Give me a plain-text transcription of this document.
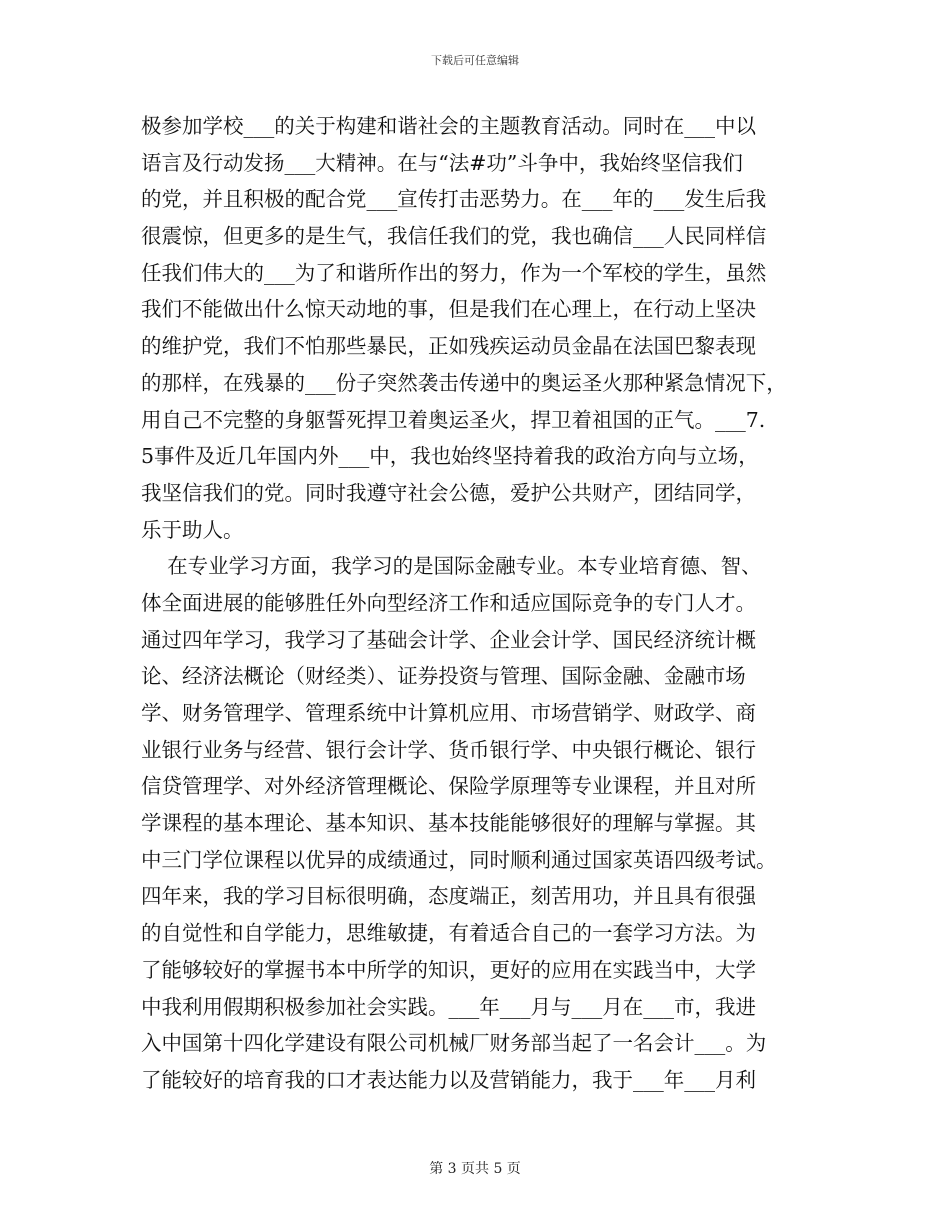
下载后可任意编辑
极参加学校___的关于构建和谐社会的主题教育活动。同时在___中以
语言及行动发扬___大精神。在与“法#功”斗争中，我始终坚信我们
的党，并且积极的配合党___宣传打击恶势力。在___年的___发生后我
很震惊，但更多的是生气，我信任我们的党，我也确信___人民同样信
任我们伟大的___为了和谐所作出的努力，作为一个军校的学生，虽然
我们不能做出什么惊天动地的事，但是我们在心理上，在行动上坚决
的维护党，我们不怕那些暴民，正如残疾运动员金晶在法国巴黎表现
的那样，在残暴的___份子突然袭击传递中的奥运圣火那种紧急情况下，
用自己不完整的身躯誓死捍卫着奥运圣火，捍卫着祖国的正气。___7.
5事件及近几年国内外___中，我也始终坚持着我的政治方向与立场，
我坚信我们的党。同时我遵守社会公德，爱护公共财产，团结同学，
乐于助人。
在专业学习方面，我学习的是国际金融专业。本专业培育德、智、
体全面进展的能够胜任外向型经济工作和适应国际竞争的专门人才。
通过四年学习，我学习了基础会计学、企业会计学、国民经济统计概
论、经济法概论（财经类）、证券投资与管理、国际金融、金融市场
学、财务管理学、管理系统中计算机应用、市场营销学、财政学、商
业银行业务与经营、银行会计学、货币银行学、中央银行概论、银行
信贷管理学、对外经济管理概论、保险学原理等专业课程，并且对所
学课程的基本理论、基本知识、基本技能能够很好的理解与掌握。其
中三门学位课程以优异的成绩通过，同时顺利通过国家英语四级考试。
四年来，我的学习目标很明确，态度端正，刻苦用功，并且具有很强
的自觉性和自学能力，思维敏捷，有着适合自己的一套学习方法。为
了能够较好的掌握书本中所学的知识，更好的应用在实践当中，大学
中我利用假期积极参加社会实践。___年___月与___月在___市，我进
入中国第十四化学建设有限公司机械厂财务部当起了一名会计___。为
了能较好的培育我的口才表达能力以及营销能力，我于___年___月利
第 3 页共 5 页
